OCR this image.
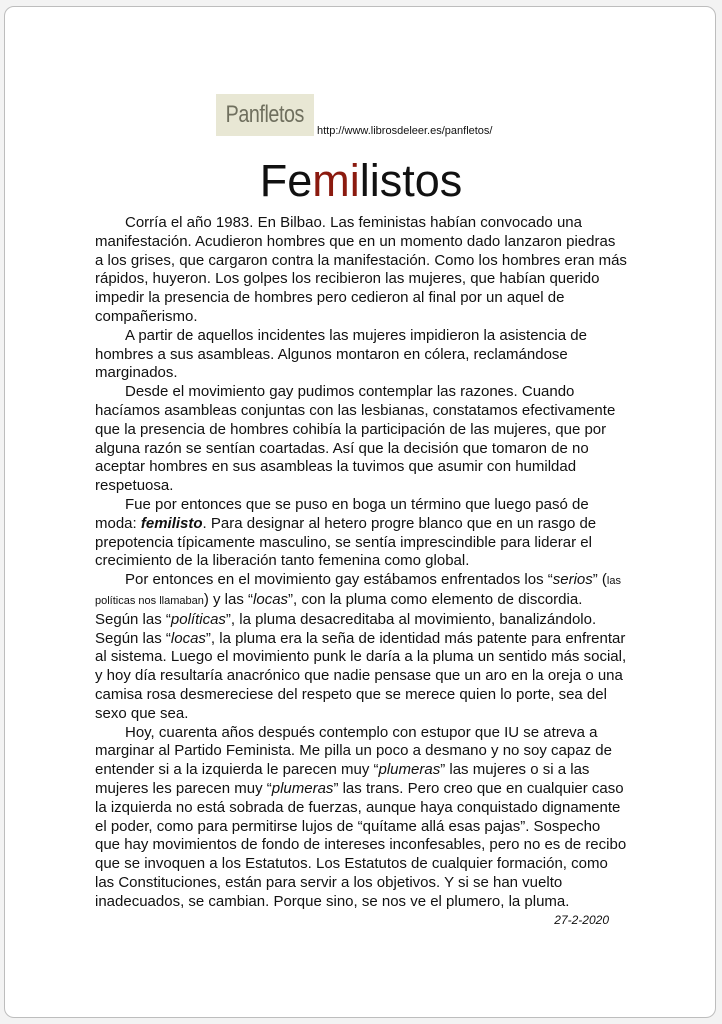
Panfletos
http://www.librosdeleer.es/panfletos/
Femilistos

Corría el año 1983. En Bilbao. Las feministas habían convocado una manifestación. Acudieron hombres que en un momento dado lanzaron piedras a los grises, que cargaron contra la manifestación. Como los hombres eran más rápidos, huyeron. Los golpes los recibieron las mujeres, que habían querido impedir la presencia de hombres pero cedieron al final por un aquel de compañerismo.

A partir de aquellos incidentes las mujeres impidieron la asistencia de hombres a sus asambleas. Algunos montaron en cólera, reclamándose marginados.

Desde el movimiento gay pudimos contemplar las razones. Cuando hacíamos asambleas conjuntas con las lesbianas, constatamos efectivamente que la presencia de hombres cohibía la participación de las mujeres, que por alguna razón se sentían coartadas. Así que la decisión que tomaron de no aceptar hombres en sus asambleas la tuvimos que asumir con humildad respetuosa.

Fue por entonces que se puso en boga un término que luego pasó de moda: femilisto. Para designar al hetero progre blanco que en un rasgo de prepotencia típicamente masculino, se sentía imprescindible para liderar el crecimiento de la liberación tanto femenina como global.

Por entonces en el movimiento gay estábamos enfrentados los “serios” (las políticas nos llamaban) y las “locas”, con la pluma como elemento de discordia. Según las “políticas”, la pluma desacreditaba al movimiento, banalizándolo. Según las “locas”, la pluma era la seña de identidad más patente para enfrentar al sistema. Luego el movimiento punk le daría a la pluma un sentido más social, y hoy día resultaría anacrónico que nadie pensase que un aro en la oreja o una camisa rosa desmereciese del respeto que se merece quien lo porte, sea del sexo que sea.

Hoy, cuarenta años después contemplo con estupor que IU se atreva a marginar al Partido Feminista. Me pilla un poco a desmano y no soy capaz de entender si a la izquierda le parecen muy “plumeras” las mujeres o si a las mujeres les parecen muy “plumeras” las trans. Pero creo que en cualquier caso la izquierda no está sobrada de fuerzas, aunque haya conquistado dignamente el poder, como para permitirse lujos de “quítame allá esas pajas”. Sospecho que hay movimientos de fondo de intereses inconfesables, pero no es de recibo que se invoquen a los Estatutos. Los Estatutos de cualquier formación, como las Constituciones, están para servir a los objetivos. Y si se han vuelto inadecuados, se cambian. Porque sino, se nos ve el plumero, la pluma.
27-2-2020
